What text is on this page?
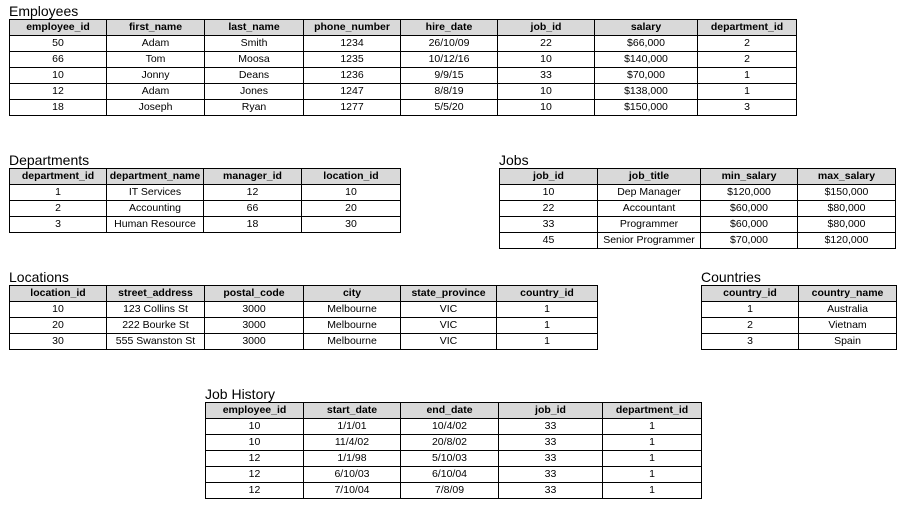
Employees
employee_id	first_name	last_name	phone_number	hire_date	job_id	salary	department_id
50	Adam	Smith	1234	26/10/09	22	$66,000	2
66	Tom	Moosa	1235	10/12/16	10	$140,000	2
10	Jonny	Deans	1236	9/9/15	33	$70,000	1
12	Adam	Jones	1247	8/8/19	10	$138,000	1
18	Joseph	Ryan	1277	5/5/20	10	$150,000	3
Departments
department_id	department_name	manager_id	location_id
1	IT Services	12	10
2	Accounting	66	20
3	Human Resource	18	30
Jobs
job_id	job_title	min_salary	max_salary
10	Dep Manager	$120,000	$150,000
22	Accountant	$60,000	$80,000
33	Programmer	$60,000	$80,000
45	Senior Programmer	$70,000	$120,000
Locations
location_id	street_address	postal_code	city	state_province	country_id
10	123 Collins St	3000	Melbourne	VIC	1
20	222 Bourke St	3000	Melbourne	VIC	1
30	555 Swanston St	3000	Melbourne	VIC	1
Countries
country_id	country_name
1	Australia
2	Vietnam
3	Spain
Job History
employee_id	start_date	end_date	job_id	department_id
10	1/1/01	10/4/02	33	1
10	11/4/02	20/8/02	33	1
12	1/1/98	5/10/03	33	1
12	6/10/03	6/10/04	33	1
12	7/10/04	7/8/09	33	1
